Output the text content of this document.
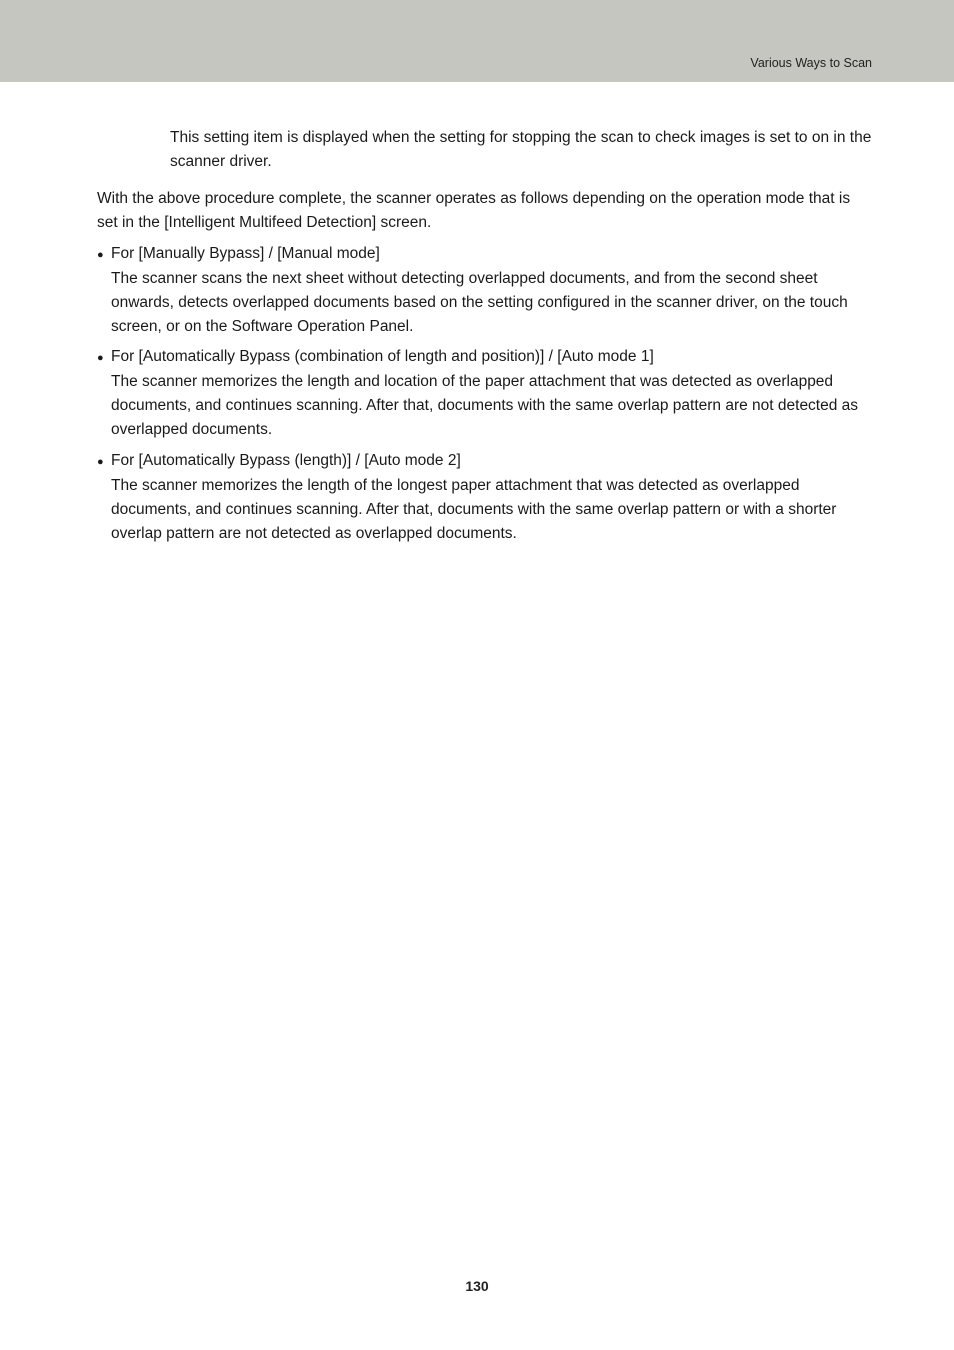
Various Ways to Scan

This setting item is displayed when the setting for stopping the scan to check images is set to on in the scanner driver.

With the above procedure complete, the scanner operates as follows depending on the operation mode that is set in the [Intelligent Multifeed Detection] screen.

● For [Manually Bypass] / [Manual mode]
The scanner scans the next sheet without detecting overlapped documents, and from the second sheet onwards, detects overlapped documents based on the setting configured in the scanner driver, on the touch screen, or on the Software Operation Panel.
● For [Automatically Bypass (combination of length and position)] / [Auto mode 1]
The scanner memorizes the length and location of the paper attachment that was detected as overlapped documents, and continues scanning. After that, documents with the same overlap pattern are not detected as overlapped documents.
● For [Automatically Bypass (length)] / [Auto mode 2]
The scanner memorizes the length of the longest paper attachment that was detected as overlapped documents, and continues scanning. After that, documents with the same overlap pattern or with a shorter overlap pattern are not detected as overlapped documents.
130
